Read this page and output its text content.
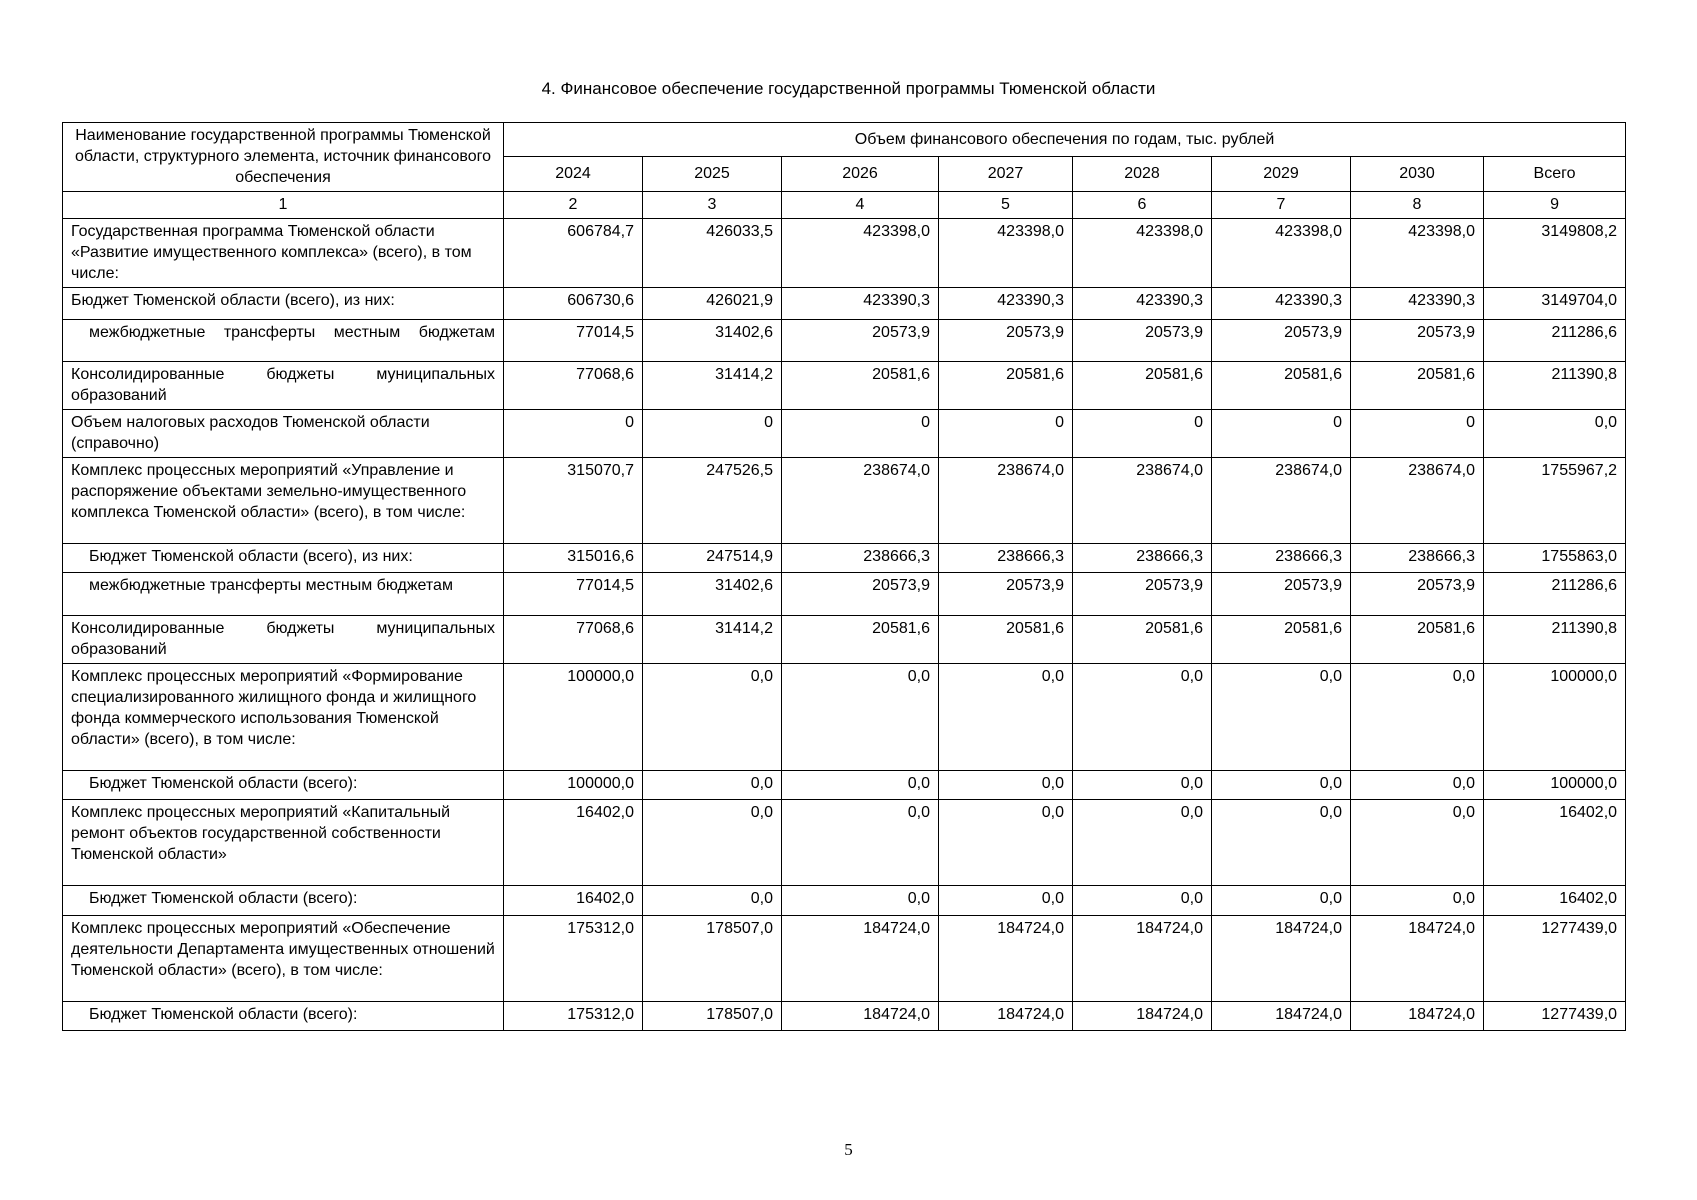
4. Финансовое обеспечение государственной программы Тюменской области
Наименование государственной программы Тюменской области, структурного элемента, источник финансового обеспечения	Объем финансового обеспечения по годам, тыс. рублей							
	2024	2025	2026	2027	2028	2029	2030	Всего
1	2	3	4	5	6	7	8	9
Государственная программа Тюменской области «Развитие имущественного комплекса» (всего), в том числе:	606784,7	426033,5	423398,0	423398,0	423398,0	423398,0	423398,0	3149808,2
Бюджет Тюменской области (всего), из них:	606730,6	426021,9	423390,3	423390,3	423390,3	423390,3	423390,3	3149704,0
межбюджетные трансферты местным бюджетам	77014,5	31402,6	20573,9	20573,9	20573,9	20573,9	20573,9	211286,6
Консолидированные бюджеты муниципальных образований	77068,6	31414,2	20581,6	20581,6	20581,6	20581,6	20581,6	211390,8
Объем налоговых расходов Тюменской области (справочно)	0	0	0	0	0	0	0	0,0
Комплекс процессных мероприятий «Управление и распоряжение объектами земельно-имущественного комплекса Тюменской области» (всего), в том числе:	315070,7	247526,5	238674,0	238674,0	238674,0	238674,0	238674,0	1755967,2
Бюджет Тюменской области (всего), из них:	315016,6	247514,9	238666,3	238666,3	238666,3	238666,3	238666,3	1755863,0
межбюджетные трансферты местным бюджетам	77014,5	31402,6	20573,9	20573,9	20573,9	20573,9	20573,9	211286,6
Консолидированные бюджеты муниципальных образований	77068,6	31414,2	20581,6	20581,6	20581,6	20581,6	20581,6	211390,8
Комплекс процессных мероприятий «Формирование специализированного жилищного фонда и жилищного фонда коммерческого использования Тюменской области» (всего), в том числе:	100000,0	0,0	0,0	0,0	0,0	0,0	0,0	100000,0
Бюджет Тюменской области (всего):	100000,0	0,0	0,0	0,0	0,0	0,0	0,0	100000,0
Комплекс процессных мероприятий «Капитальный ремонт объектов государственной собственности Тюменской области»	16402,0	0,0	0,0	0,0	0,0	0,0	0,0	16402,0
Бюджет Тюменской области (всего):	16402,0	0,0	0,0	0,0	0,0	0,0	0,0	16402,0
Комплекс процессных мероприятий «Обеспечение деятельности Департамента имущественных отношений Тюменской области» (всего), в том числе:	175312,0	178507,0	184724,0	184724,0	184724,0	184724,0	184724,0	1277439,0
Бюджет Тюменской области (всего):	175312,0	178507,0	184724,0	184724,0	184724,0	184724,0	184724,0	1277439,0
5
